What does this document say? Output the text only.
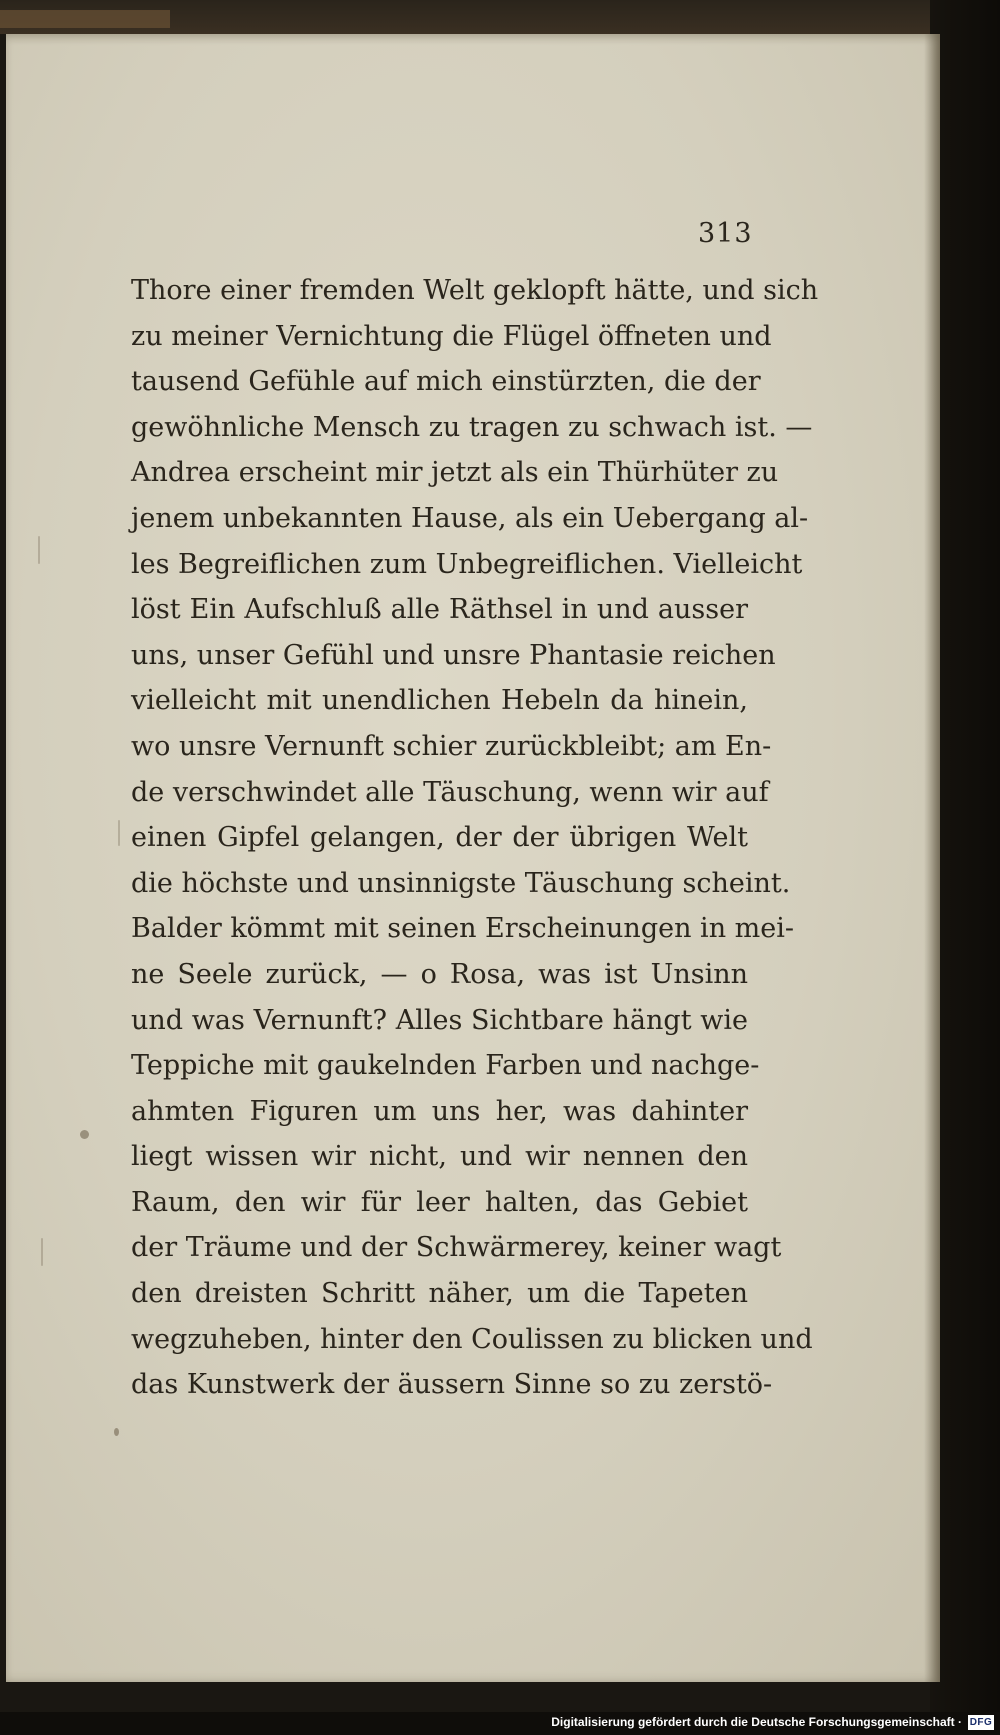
313
Thore einer fremden Welt geklopft hätte, und sich
zu meiner Vernichtung die Flügel öffneten und
tausend Gefühle auf mich einstürzten, die der
gewöhnliche Mensch zu tragen zu schwach ist. —
Andrea erscheint mir jetzt als ein Thürhüter zu
jenem unbekannten Hause, als ein Uebergang al-
les Begreiflichen zum Unbegreiflichen. Vielleicht
löst Ein Aufschluß alle Räthsel in und ausser
uns, unser Gefühl und unsre Phantasie reichen
vielleicht mit unendlichen Hebeln da hinein,
wo unsre Vernunft schier zurückbleibt; am En-
de verschwindet alle Täuschung, wenn wir auf
einen Gipfel gelangen, der der übrigen Welt
die höchste und unsinnigste Täuschung scheint.
Balder kömmt mit seinen Erscheinungen in mei-
ne Seele zurück, — o Rosa, was ist Unsinn
und was Vernunft? Alles Sichtbare hängt wie
Teppiche mit gaukelnden Farben und nachge-
ahmten Figuren um uns her, was dahinter
liegt wissen wir nicht, und wir nennen den
Raum, den wir für leer halten, das Gebiet
der Träume und der Schwärmerey, keiner wagt
den dreisten Schritt näher, um die Tapeten
wegzuheben, hinter den Coulissen zu blicken und
das Kunstwerk der äussern Sinne so zu zerstö-
Digitalisierung gefördert durch die Deutsche Forschungsgemeinschaft · DFG
